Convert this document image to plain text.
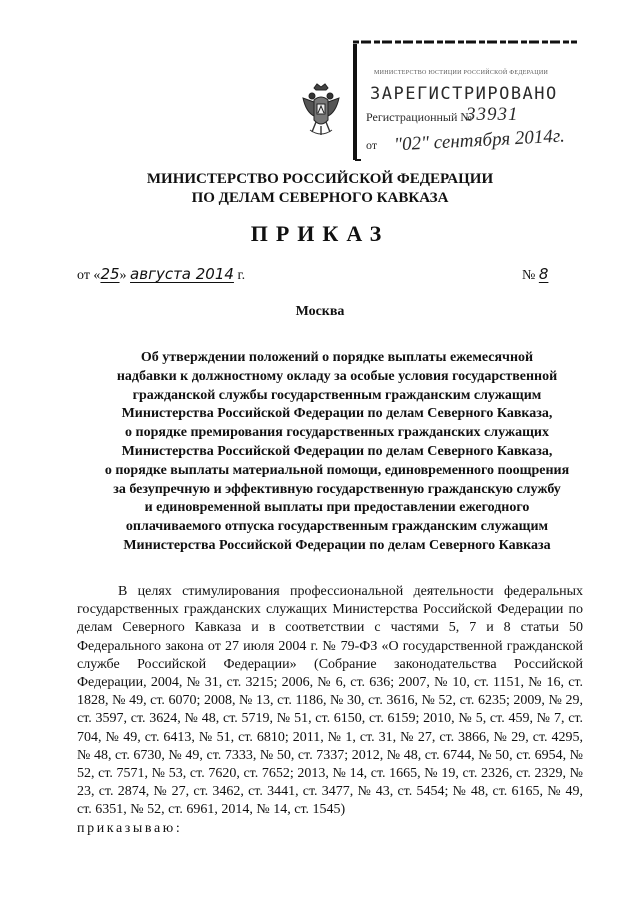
МИНИСТЕРСТВО ЮСТИЦИИ РОССИЙСКОЙ ФЕДЕРАЦИИ
ЗАРЕГИСТРИРОВАНО
Регистрационный №
33931
от "02" сентября 2014г.
МИНИСТЕРСТВО РОССИЙСКОЙ ФЕДЕРАЦИИ
ПО ДЕЛАМ СЕВЕРНОГО КАВКАЗА
ПРИКАЗ
от «25» августа 2014 г.	№ 8
Москва
Об утверждении положений о порядке выплаты ежемесячной
надбавки к должностному окладу за особые условия государственной
гражданской службы государственным гражданским служащим
Министерства Российской Федерации по делам Северного Кавказа,
о порядке премирования государственных гражданских служащих
Министерства Российской Федерации по делам Северного Кавказа,
о порядке выплаты материальной помощи, единовременного поощрения
за безупречную и эффективную государственную гражданскую службу
и единовременной выплаты при предоставлении ежегодного
оплачиваемого отпуска государственным гражданским служащим
Министерства Российской Федерации по делам Северного Кавказа

В целях стимулирования профессиональной деятельности федеральных государственных гражданских служащих Министерства Российской Федерации по делам Северного Кавказа и в соответствии с частями 5, 7 и 8 статьи 50 Федерального закона от 27 июля 2004 г. № 79-ФЗ «О государственной гражданской службе Российской Федерации» (Собрание законодательства Российской Федерации, 2004, № 31, ст. 3215; 2006, № 6, ст. 636; 2007, № 10, ст. 1151, № 16, ст. 1828, № 49, ст. 6070; 2008, № 13, ст. 1186, № 30, ст. 3616, № 52, ст. 6235; 2009, № 29, ст. 3597, ст. 3624, № 48, ст. 5719, № 51, ст. 6150, ст. 6159; 2010, № 5, ст. 459, № 7, ст. 704, № 49, ст. 6413, № 51, ст. 6810; 2011, № 1, ст. 31, № 27, ст. 3866, № 29, ст. 4295, № 48, ст. 6730, № 49, ст. 7333, № 50, ст. 7337; 2012, № 48, ст. 6744, № 50, ст. 6954, № 52, ст. 7571, № 53, ст. 7620, ст. 7652; 2013, № 14, ст. 1665, № 19, ст. 2326, ст. 2329, № 23, ст. 2874, № 27, ст. 3462, ст. 3441, ст. 3477, № 43, ст. 5454; № 48, ст. 6165, № 49, ст. 6351, № 52, ст. 6961, 2014, № 14, ст. 1545)

приказываю:
